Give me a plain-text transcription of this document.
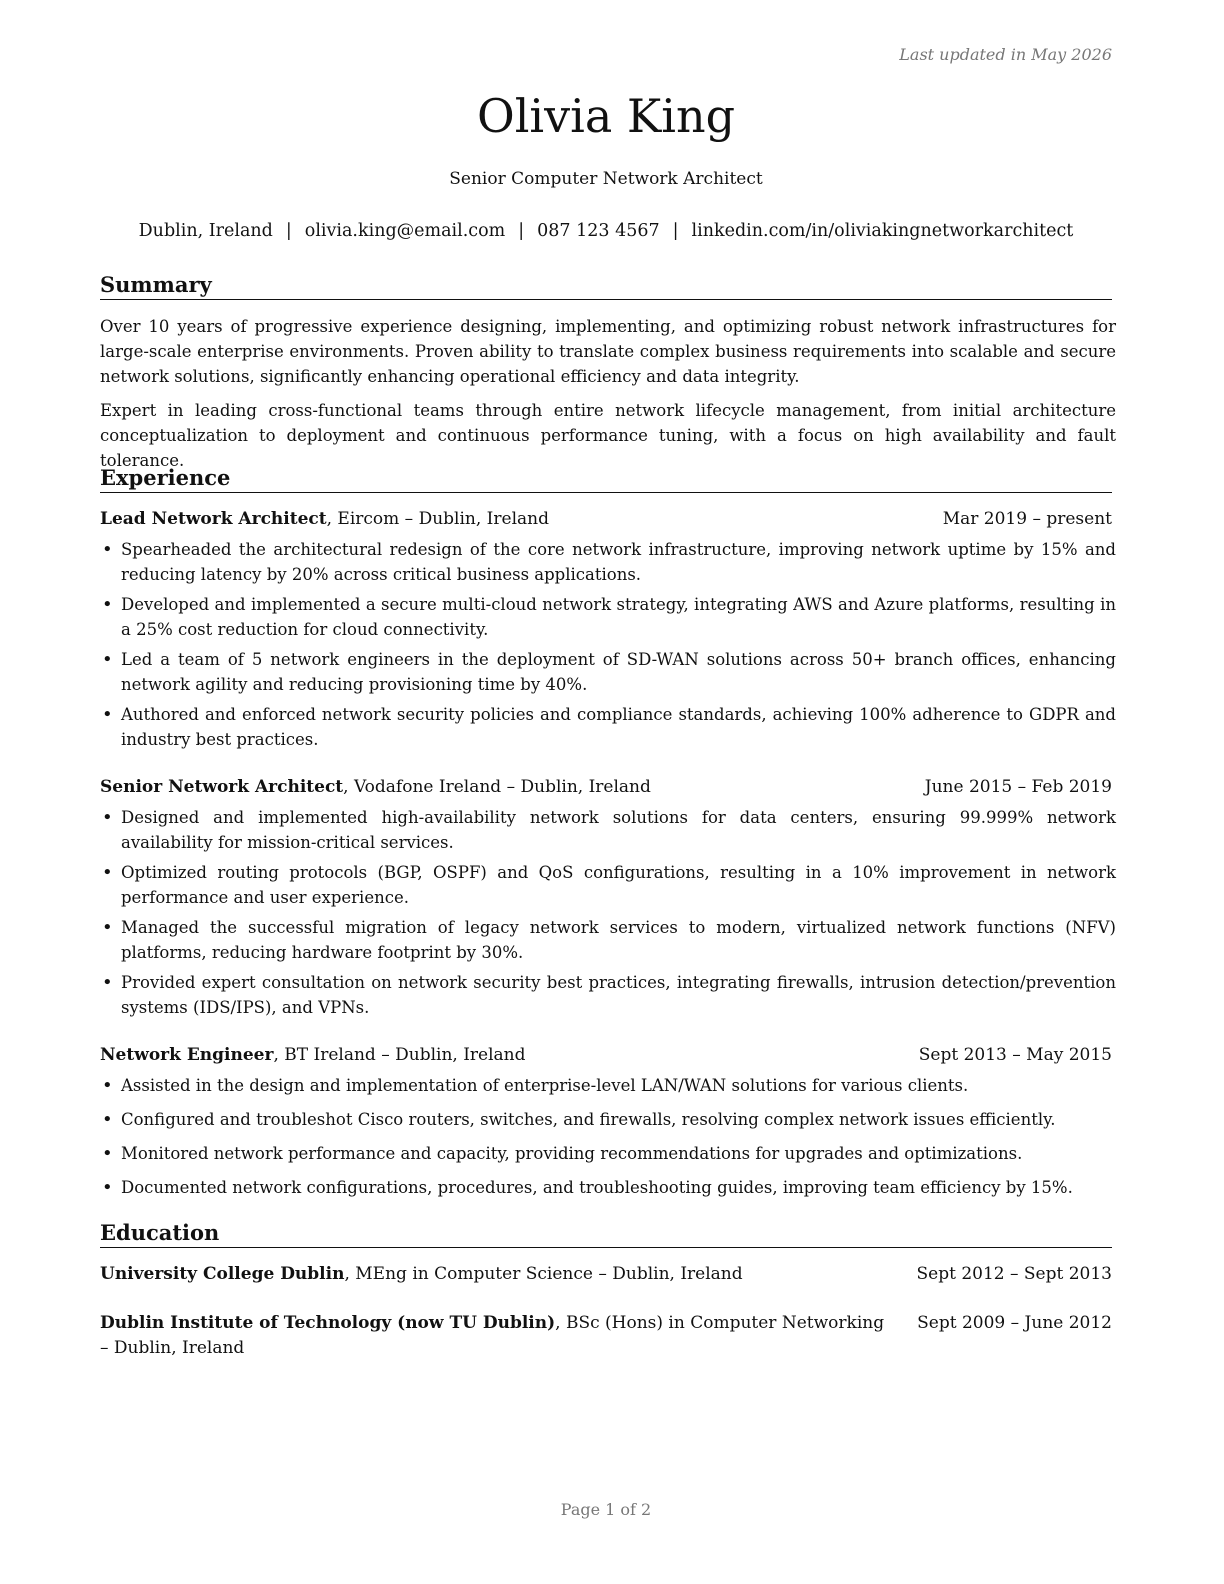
Last updated in May 2026
Olivia King
Senior Computer Network Architect
Dublin, Ireland | olivia.king@email.com | 087 123 4567 | linkedin.com/in/oliviakingnetworkarchitect
Summary
Over 10 years of progressive experience designing, implementing, and optimizing robust network infrastructures for large-scale enterprise environments. Proven ability to translate complex business requirements into scalable and secure network solutions, significantly enhancing operational efficiency and data integrity.
Expert in leading cross-functional teams through entire network lifecycle management, from initial architecture conceptualization to deployment and continuous performance tuning, with a focus on high availability and fault tolerance.
Experience
Lead Network Architect, Eircom – Dublin, Ireland	Mar 2019 – present
• Spearheaded the architectural redesign of the core network infrastructure, improving network uptime by 15% and reducing latency by 20% across critical business applications.
• Developed and implemented a secure multi-cloud network strategy, integrating AWS and Azure platforms, resulting in a 25% cost reduction for cloud connectivity.
• Led a team of 5 network engineers in the deployment of SD-WAN solutions across 50+ branch offices, enhancing network agility and reducing provisioning time by 40%.
• Authored and enforced network security policies and compliance standards, achieving 100% adherence to GDPR and industry best practices.
Senior Network Architect, Vodafone Ireland – Dublin, Ireland	June 2015 – Feb 2019
• Designed and implemented high-availability network solutions for data centers, ensuring 99.999% network availability for mission-critical services.
• Optimized routing protocols (BGP, OSPF) and QoS configurations, resulting in a 10% improvement in network performance and user experience.
• Managed the successful migration of legacy network services to modern, virtualized network functions (NFV) platforms, reducing hardware footprint by 30%.
• Provided expert consultation on network security best practices, integrating firewalls, intrusion detection/prevention systems (IDS/IPS), and VPNs.
Network Engineer, BT Ireland – Dublin, Ireland	Sept 2013 – May 2015
• Assisted in the design and implementation of enterprise-level LAN/WAN solutions for various clients.
• Configured and troubleshot Cisco routers, switches, and firewalls, resolving complex network issues efficiently.
• Monitored network performance and capacity, providing recommendations for upgrades and optimizations.
• Documented network configurations, procedures, and troubleshooting guides, improving team efficiency by 15%.
Education
University College Dublin, MEng in Computer Science – Dublin, Ireland	Sept 2012 – Sept 2013
Dublin Institute of Technology (now TU Dublin), BSc (Hons) in Computer Networking – Dublin, Ireland
Sept 2009 – June 2012
Page 1 of 2
